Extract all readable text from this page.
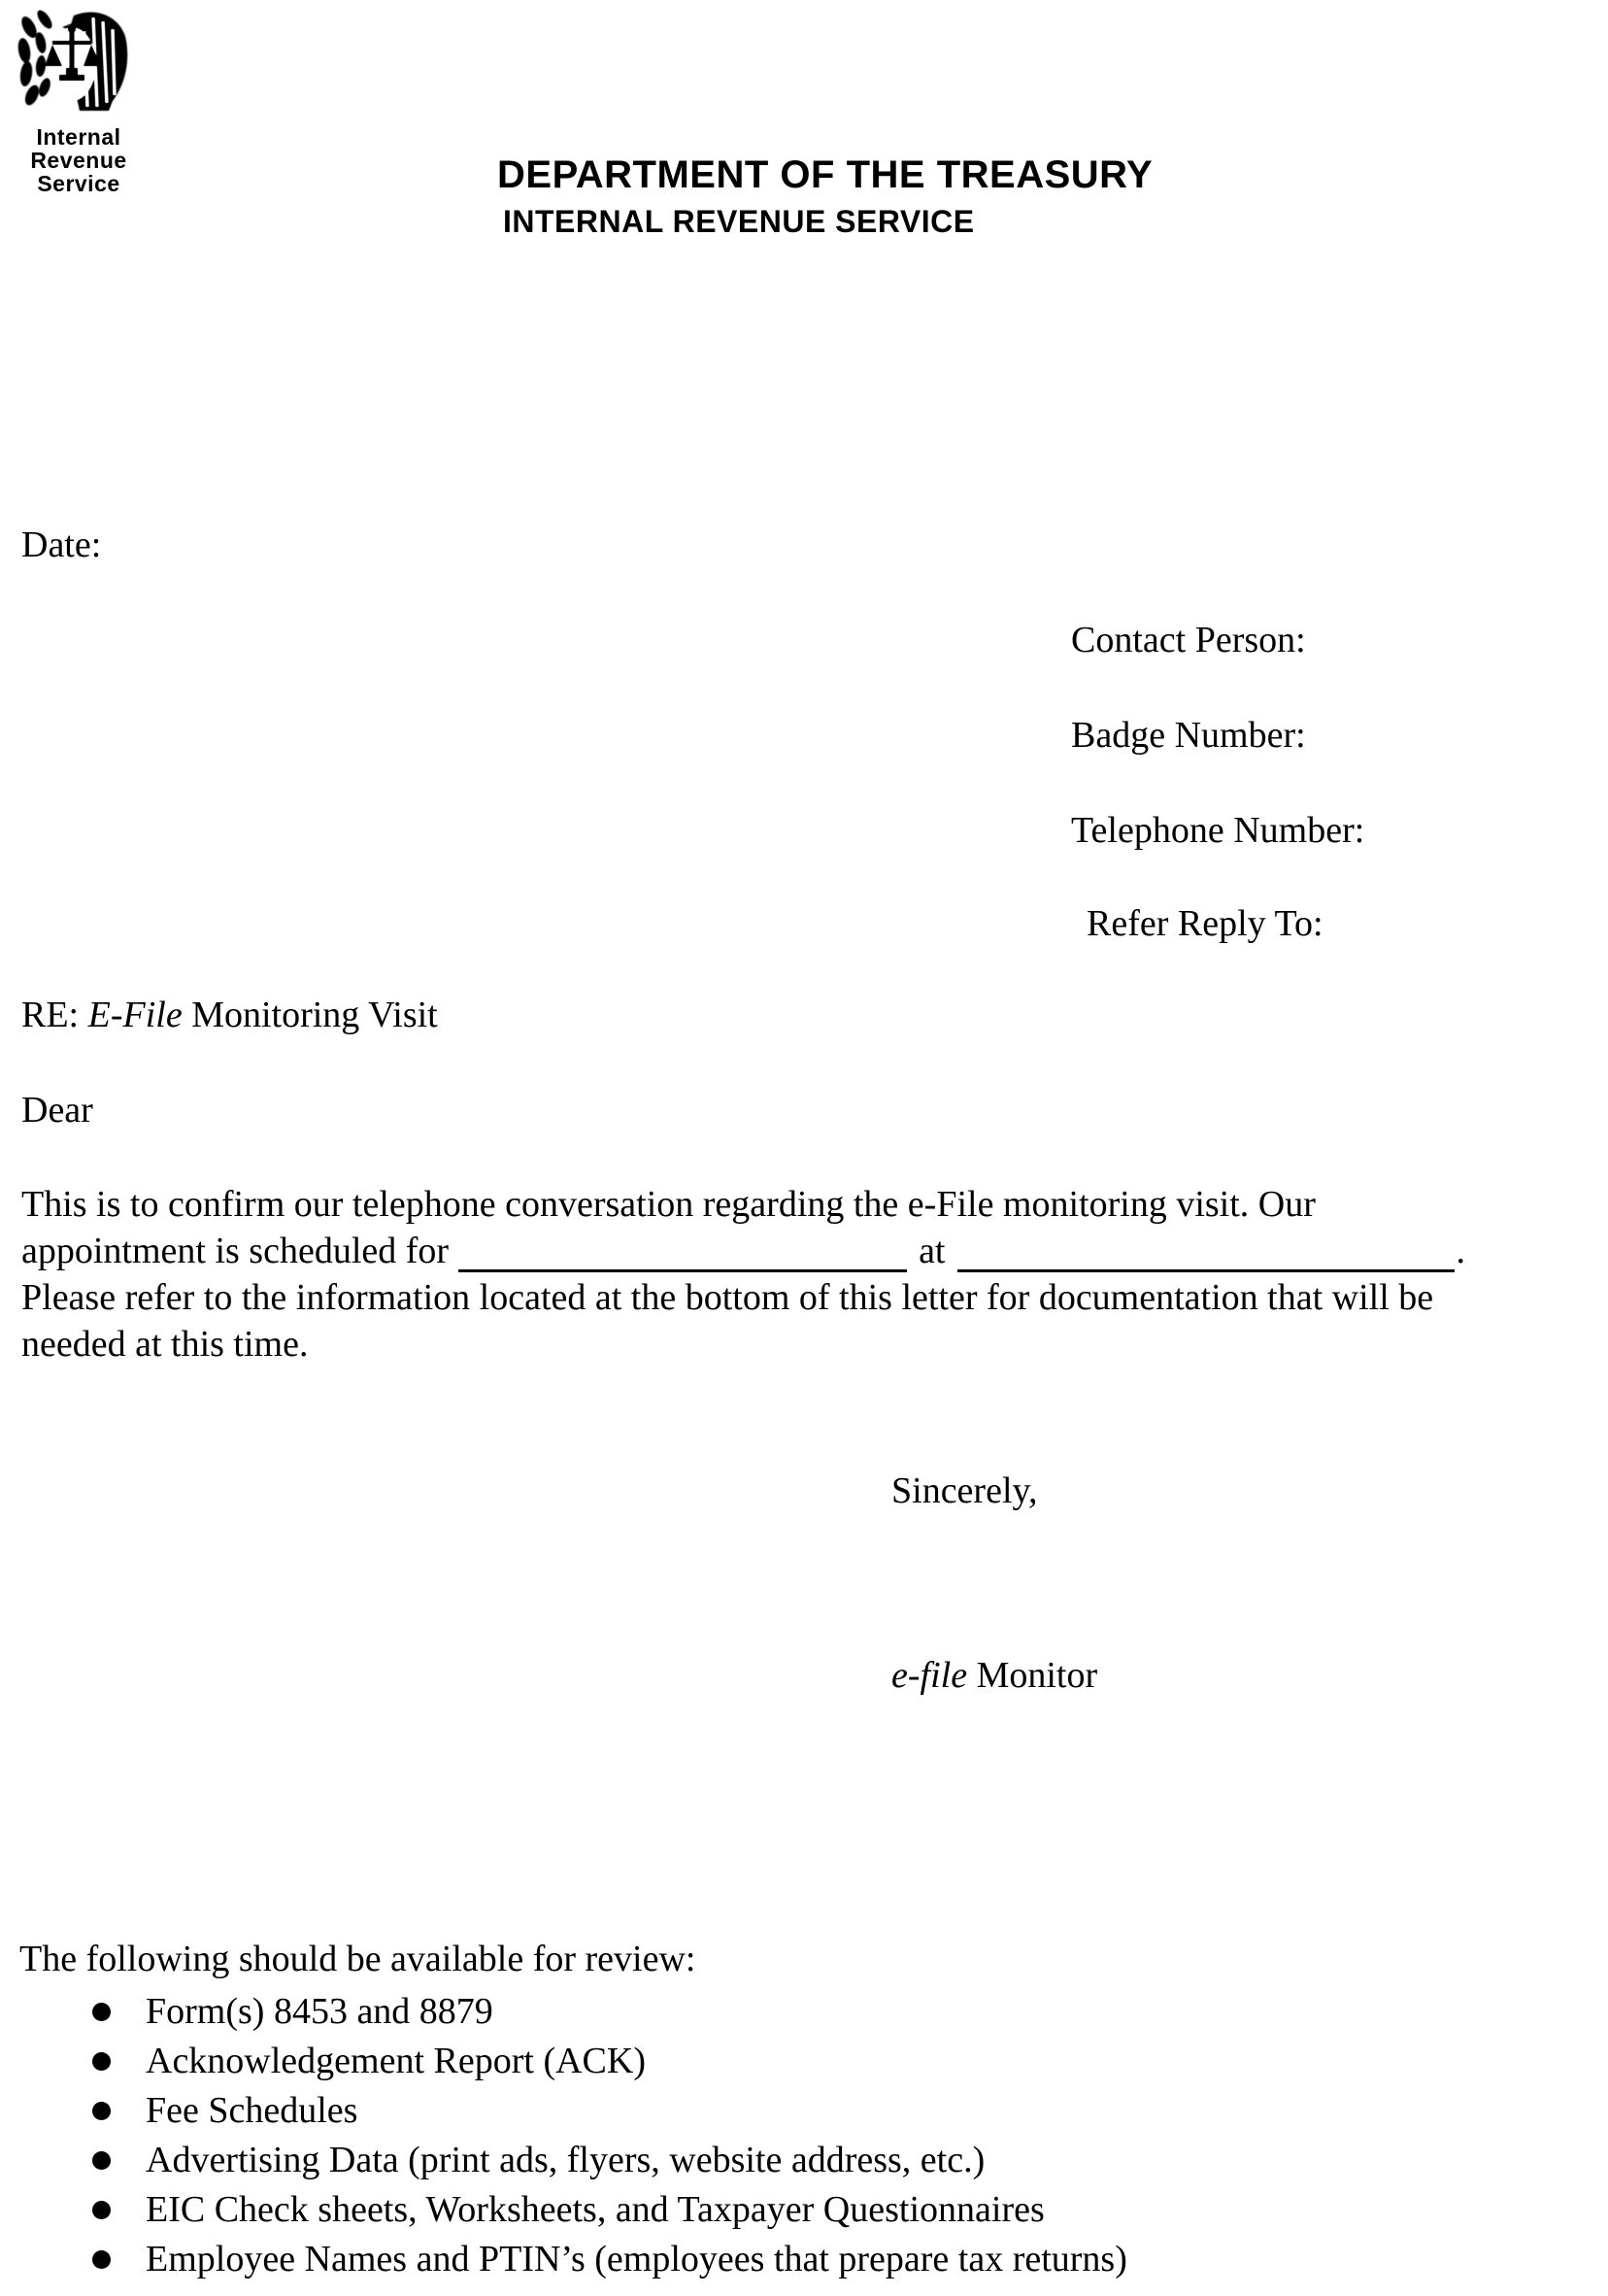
Internal
Revenue
Service	DEPARTMENT OF THE TREASURY
INTERNAL REVENUE SERVICE
Date:
Contact Person:
Badge Number:
Telephone Number:
Refer Reply To:
RE: E-File Monitoring Visit
Dear
This is to confirm our telephone conversation regarding the e-File monitoring visit. Our
appointment is scheduled for	at	.
Please refer to the information located at the bottom of this letter for documentation that will be
needed at this time.
Sincerely,
e-file Monitor
The following should be available for review:
Form(s) 8453 and 8879
Acknowledgement Report (ACK)
Fee Schedules
Advertising Data (print ads, flyers, website address, etc.)
EIC Check sheets, Worksheets, and Taxpayer Questionnaires
Employee Names and PTIN’s (employees that prepare tax returns)
